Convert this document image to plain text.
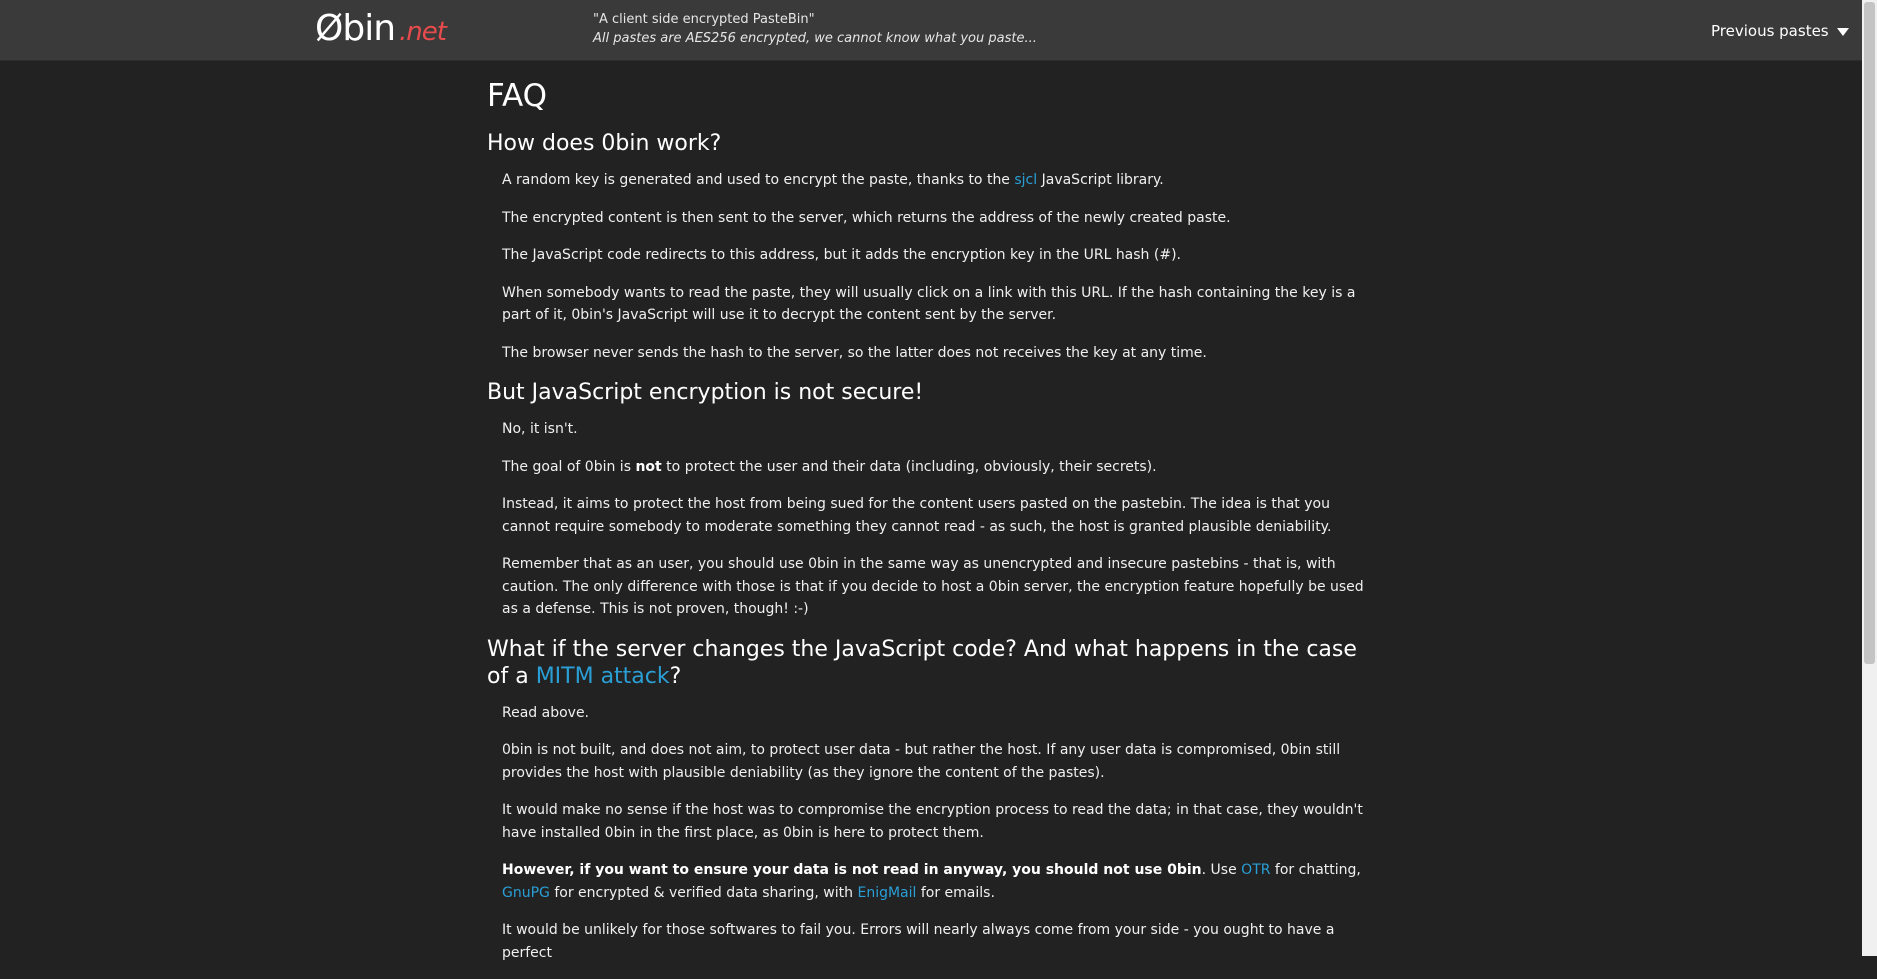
Øbin .net	"A client side encrypted PasteBin"
All pastes are AES256 encrypted, we cannot know what you paste...	Previous pastes
FAQ
How does 0bin work?

A random key is generated and used to encrypt the paste, thanks to the sjcl JavaScript library.

The encrypted content is then sent to the server, which returns the address of the newly created paste.

The JavaScript code redirects to this address, but it adds the encryption key in the URL hash (#).

When somebody wants to read the paste, they will usually click on a link with this URL. If the hash containing the key is a part of it, 0bin's JavaScript will use it to decrypt the content sent by the server.

The browser never sends the hash to the server, so the latter does not receives the key at any time.

But JavaScript encryption is not secure!

No, it isn't.

The goal of 0bin is not to protect the user and their data (including, obviously, their secrets).

Instead, it aims to protect the host from being sued for the content users pasted on the pastebin. The idea is that you cannot require somebody to moderate something they cannot read - as such, the host is granted plausible deniability.

Remember that as an user, you should use 0bin in the same way as unencrypted and insecure pastebins - that is, with caution. The only difference with those is that if you decide to host a 0bin server, the encryption feature hopefully be used as a defense. This is not proven, though! :-)

What if the server changes the JavaScript code? And what happens in the case of a MITM attack?

Read above.

0bin is not built, and does not aim, to protect user data - but rather the host. If any user data is compromised, 0bin still provides the host with plausible deniability (as they ignore the content of the pastes).

It would make no sense if the host was to compromise the encryption process to read the data; in that case, they wouldn't have installed 0bin in the first place, as 0bin is here to protect them.

However, if you want to ensure your data is not read in anyway, you should not use 0bin. Use OTR for chatting, GnuPG for encrypted & verified data sharing, with EnigMail for emails.

It would be unlikely for those softwares to fail you. Errors will nearly always come from your side - you ought to have a perfect
